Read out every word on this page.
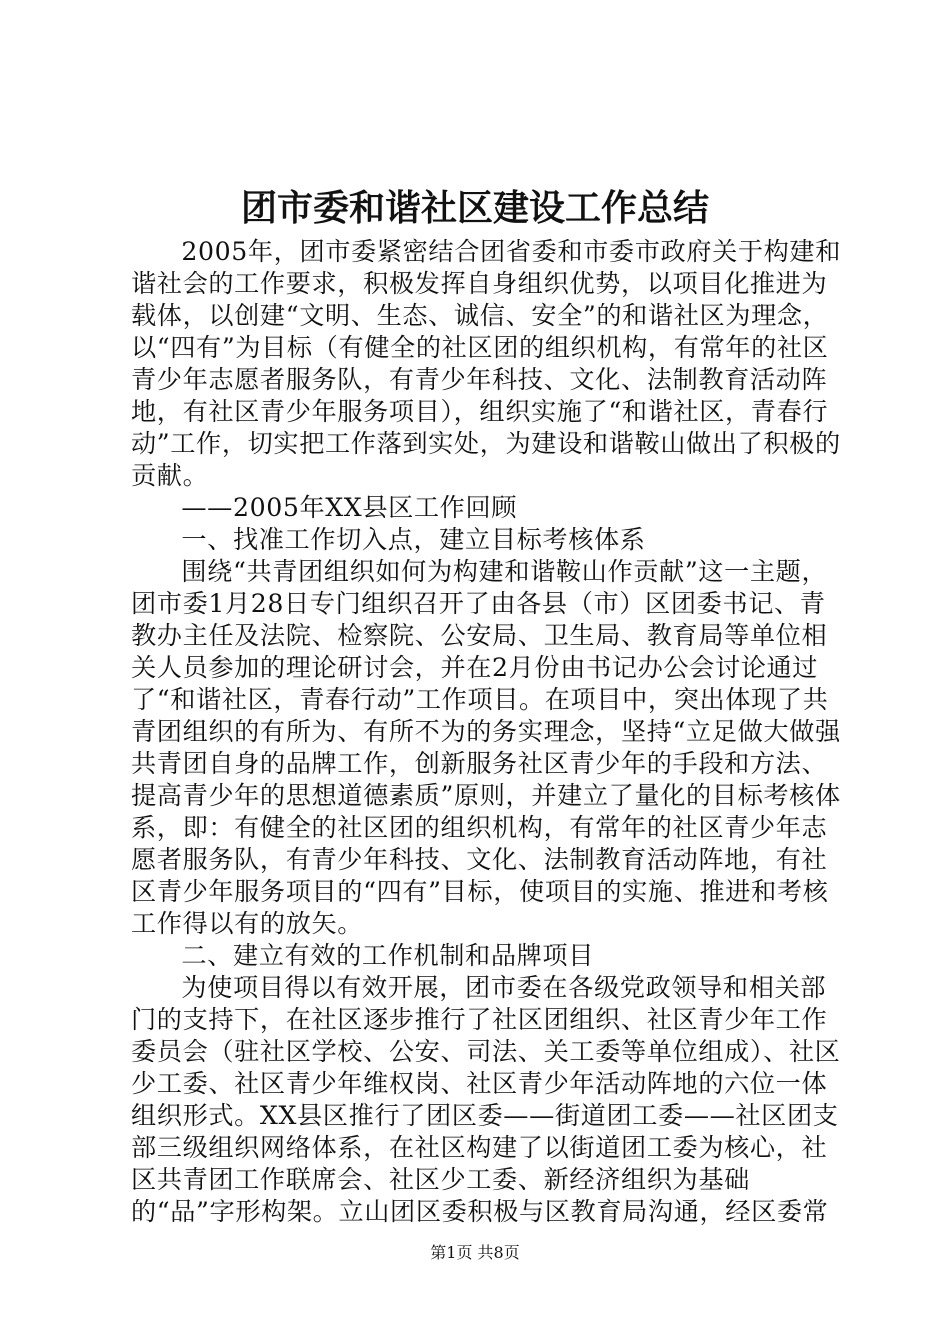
团市委和谐社区建设工作总结

2005年，团市委紧密结合团省委和市委市政府关于构建和谐社会的工作要求，积极发挥自身组织优势，以项目化推进为载体，以创建“文明、生态、诚信、安全”的和谐社区为理念，以“四有”为目标（有健全的社区团的组织机构，有常年的社区青少年志愿者服务队，有青少年科技、文化、法制教育活动阵地，有社区青少年服务项目），组织实施了“和谐社区，青春行动”工作，切实把工作落到实处，为建设和谐鞍山做出了积极的贡献。

——2005年XX县区工作回顾

一、找准工作切入点，建立目标考核体系

围绕“共青团组织如何为构建和谐鞍山作贡献”这一主题，团市委1月28日专门组织召开了由各县（市）区团委书记、青教办主任及法院、检察院、公安局、卫生局、教育局等单位相关人员参加的理论研讨会，并在2月份由书记办公会讨论通过了“和谐社区，青春行动”工作项目。在项目中，突出体现了共青团组织的有所为、有所不为的务实理念，坚持“立足做大做强共青团自身的品牌工作，创新服务社区青少年的手段和方法、提高青少年的思想道德素质”原则，并建立了量化的目标考核体系，即：有健全的社区团的组织机构，有常年的社区青少年志愿者服务队，有青少年科技、文化、法制教育活动阵地，有社区青少年服务项目的“四有”目标，使项目的实施、推进和考核工作得以有的放矢。

二、建立有效的工作机制和品牌项目

为使项目得以有效开展，团市委在各级党政领导和相关部门的支持下，在社区逐步推行了社区团组织、社区青少年工作委员会（驻社区学校、公安、司法、关工委等单位组成）、社区少工委、社区青少年维权岗、社区青少年活动阵地的六位一体组织形式。XX县区推行了团区委——街道团工委——社区团支部三级组织网络体系，在社区构建了以街道团工委为核心，社区共青团工作联席会、社区少工委、新经济组织为基础的“品”字形构架。立山团区委积极与区教育局沟通，经区委常

第1页 共8页
